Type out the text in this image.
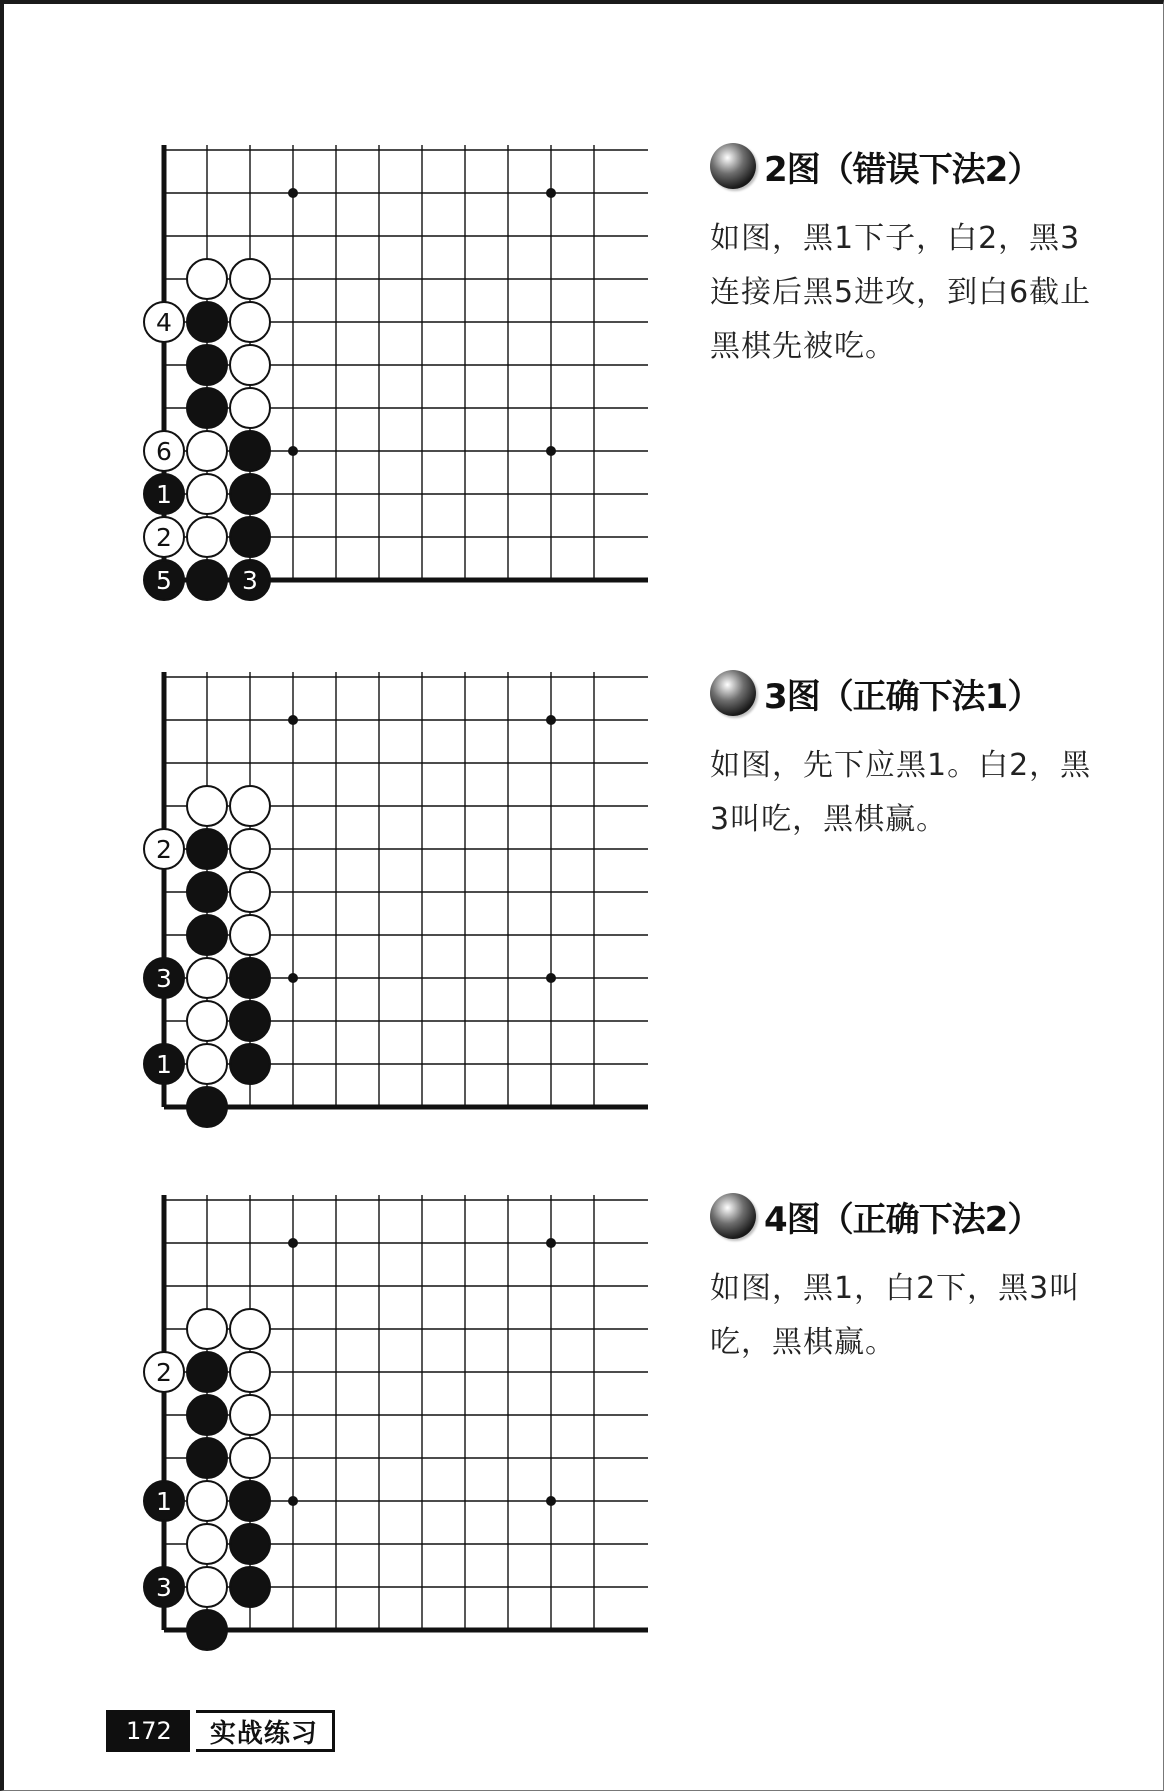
4
6
1
2
5	3
2图（错误下法2）
如图，黑1下子，白2，黑3连接后黑5进攻，到白6截止黑棋先被吃。
2
3
1
3图（正确下法1）
如图，先下应黑1。白2，黑3叫吃，黑棋赢。
2
1
3
4图（正确下法2）
如图，黑1，白2下，黑3叫吃，黑棋赢。
172	实战练习
